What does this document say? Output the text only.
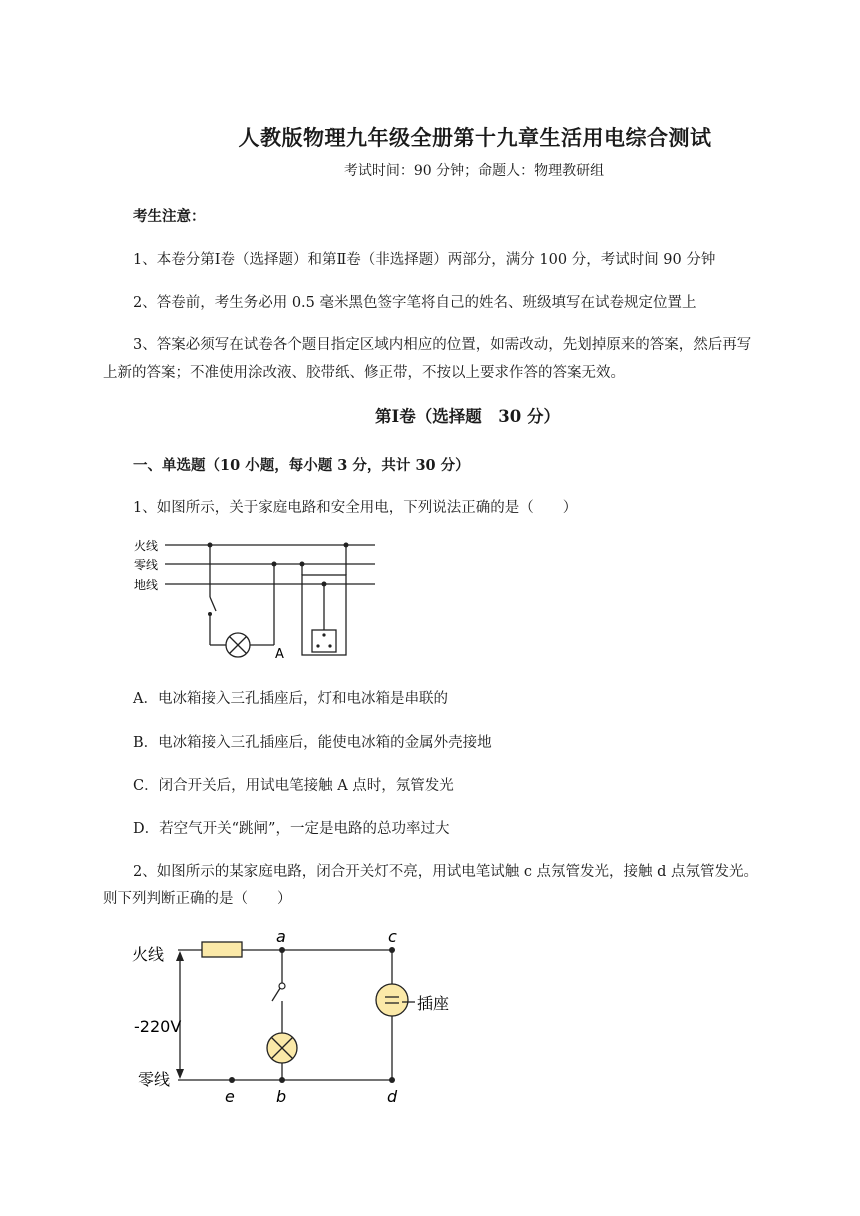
人教版物理九年级全册第十九章生活用电综合测试
考试时间：90 分钟；命题人：物理教研组
考生注意：
1、本卷分第Ⅰ卷（选择题）和第Ⅱ卷（非选择题）两部分，满分 100 分，考试时间 90 分钟
2、答卷前，考生务必用 0.5 毫米黑色签字笔将自己的姓名、班级填写在试卷规定位置上
3、答案必须写在试卷各个题目指定区域内相应的位置，如需改动，先划掉原来的答案，然后再写
上新的答案；不准使用涂改液、胶带纸、修正带，不按以上要求作答的答案无效。
第Ⅰ卷（选择题　30 分）
一、单选题（10 小题，每小题 3 分，共计 30 分）
1、如图所示，关于家庭电路和安全用电，下列说法正确的是（　　）
火线
零线
地线
A
A．电冰箱接入三孔插座后，灯和电冰箱是串联的
B．电冰箱接入三孔插座后，能使电冰箱的金属外壳接地
C．闭合开关后，用试电笔接触 A 点时，氖管发光
D．若空气开关“跳闸”，一定是电路的总功率过大
2、如图所示的某家庭电路，闭合开关灯不亮，用试电笔试触 c 点氖管发光，接触 d 点氖管发光。
则下列判断正确的是（　　）
火线
零线
-220V
插座
a	c
b	d
e
